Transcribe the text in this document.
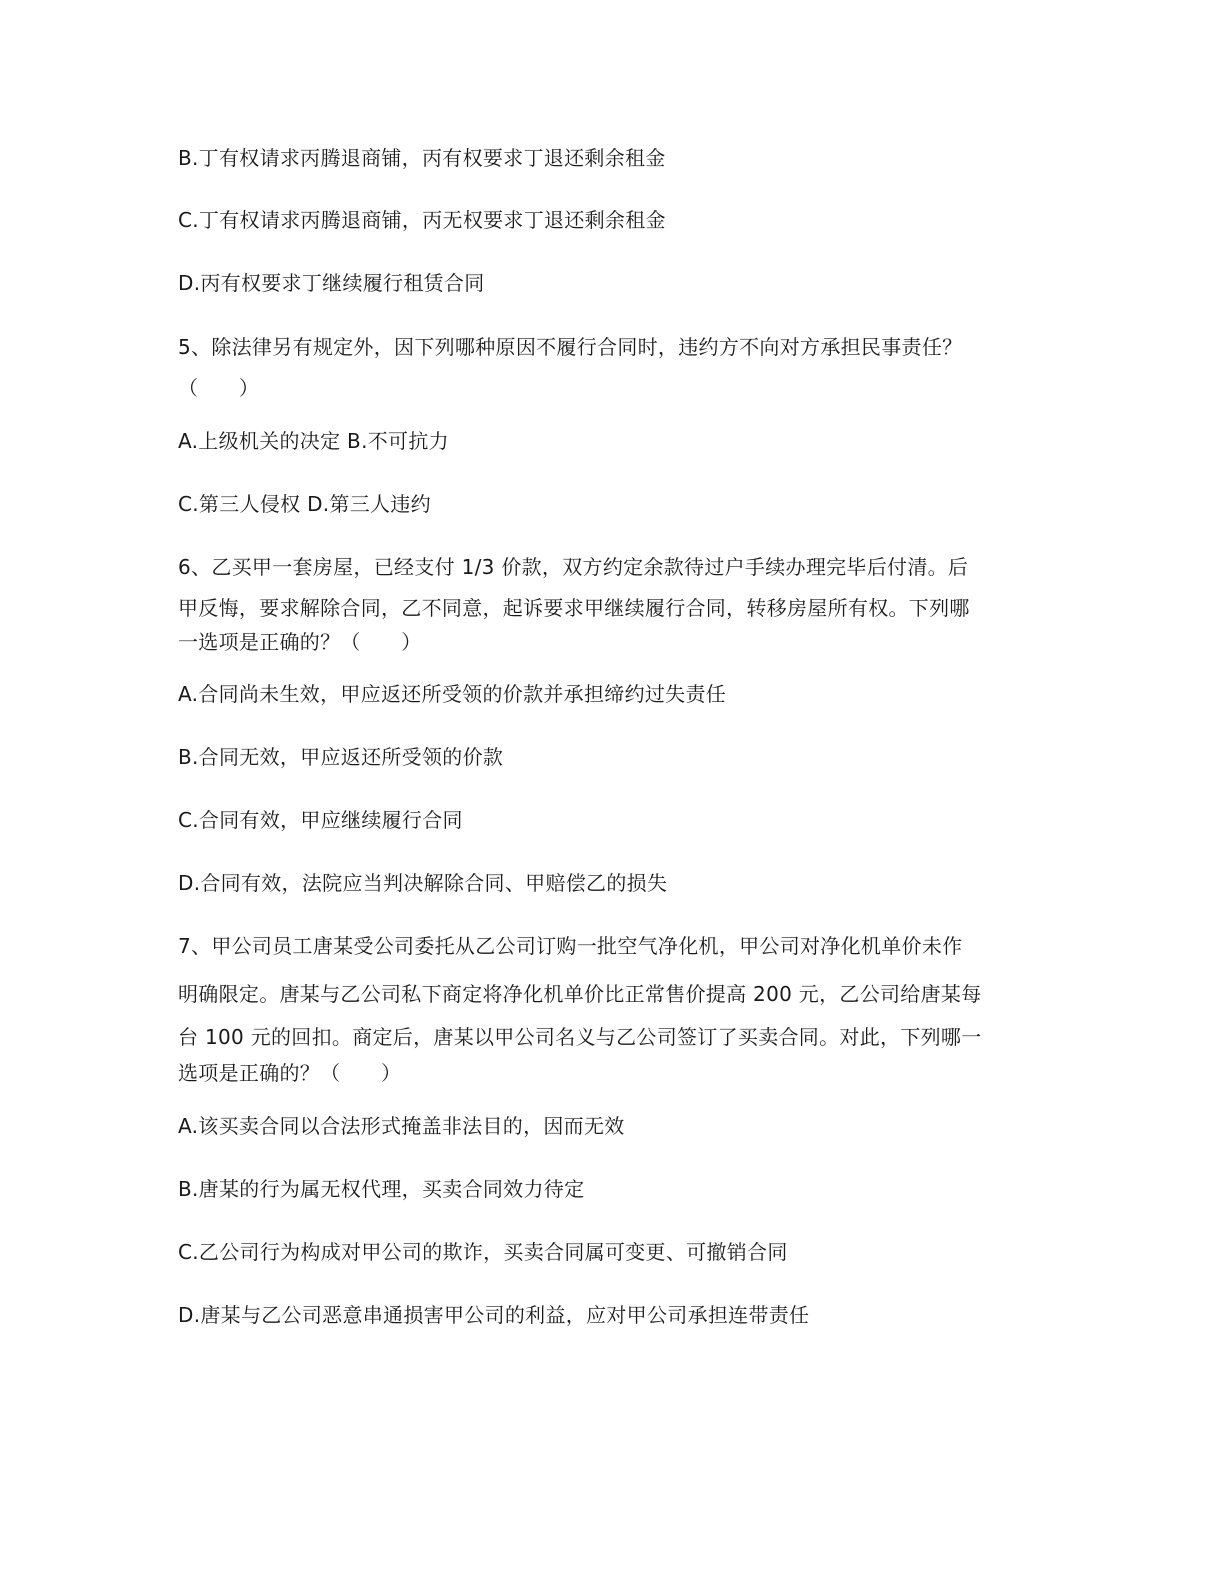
B.丁有权请求丙腾退商铺，丙有权要求丁退还剩余租金
C.丁有权请求丙腾退商铺，丙无权要求丁退还剩余租金
D.丙有权要求丁继续履行租赁合同
5、除法律另有规定外，因下列哪种原因不履行合同时，违约方不向对方承担民事责任？
（　　）
A.上级机关的决定 B.不可抗力
C.第三人侵权 D.第三人违约
6、乙买甲一套房屋，已经支付 1/3 价款，双方约定余款待过户手续办理完毕后付清。后
甲反悔，要求解除合同，乙不同意，起诉要求甲继续履行合同，转移房屋所有权。下列哪
一选项是正确的？（　　）
A.合同尚未生效，甲应返还所受领的价款并承担缔约过失责任
B.合同无效，甲应返还所受领的价款
C.合同有效，甲应继续履行合同
D.合同有效，法院应当判决解除合同、甲赔偿乙的损失
7、甲公司员工唐某受公司委托从乙公司订购一批空气净化机，甲公司对净化机单价未作
明确限定。唐某与乙公司私下商定将净化机单价比正常售价提高 200 元，乙公司给唐某每
台 100 元的回扣。商定后，唐某以甲公司名义与乙公司签订了买卖合同。对此，下列哪一
选项是正确的？（　　）
A.该买卖合同以合法形式掩盖非法目的，因而无效
B.唐某的行为属无权代理，买卖合同效力待定
C.乙公司行为构成对甲公司的欺诈，买卖合同属可变更、可撤销合同
D.唐某与乙公司恶意串通损害甲公司的利益，应对甲公司承担连带责任
